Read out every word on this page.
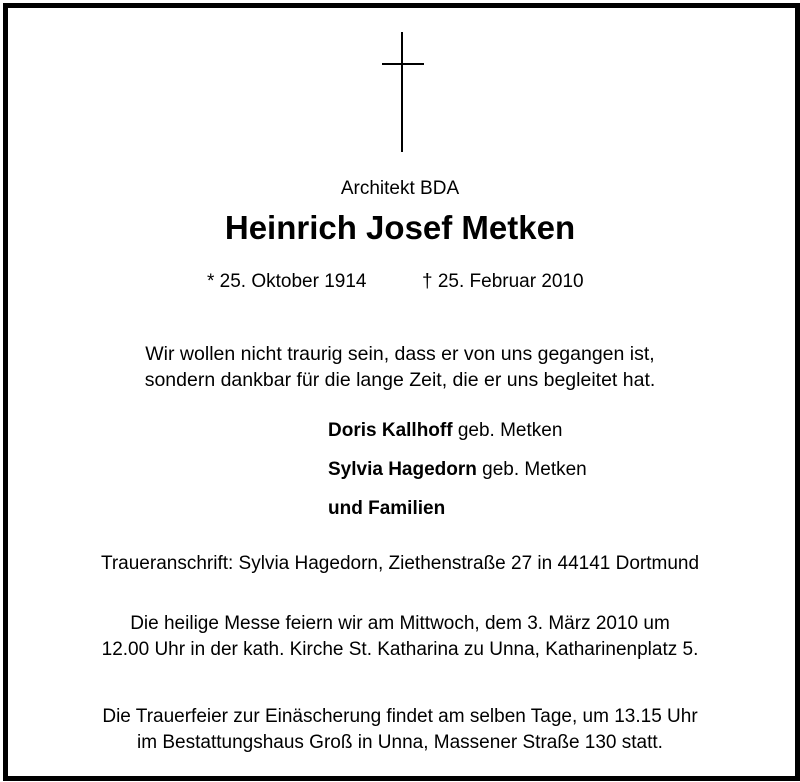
Architekt BDA
Heinrich Josef Metken
* 25. Oktober 1914	† 25. Februar 2010
Wir wollen nicht traurig sein, dass er von uns gegangen ist,
sondern dankbar für die lange Zeit, die er uns begleitet hat.
Doris Kallhoff geb. Metken
Sylvia Hagedorn geb. Metken
und Familien
Traueranschrift: Sylvia Hagedorn, Ziethenstraße 27 in 44141 Dortmund
Die heilige Messe feiern wir am Mittwoch, dem 3. März 2010 um
12.00 Uhr in der kath. Kirche St. Katharina zu Unna, Katharinenplatz 5.
Die Trauerfeier zur Einäscherung findet am selben Tage, um 13.15 Uhr
im Bestattungshaus Groß in Unna, Massener Straße 130 statt.
